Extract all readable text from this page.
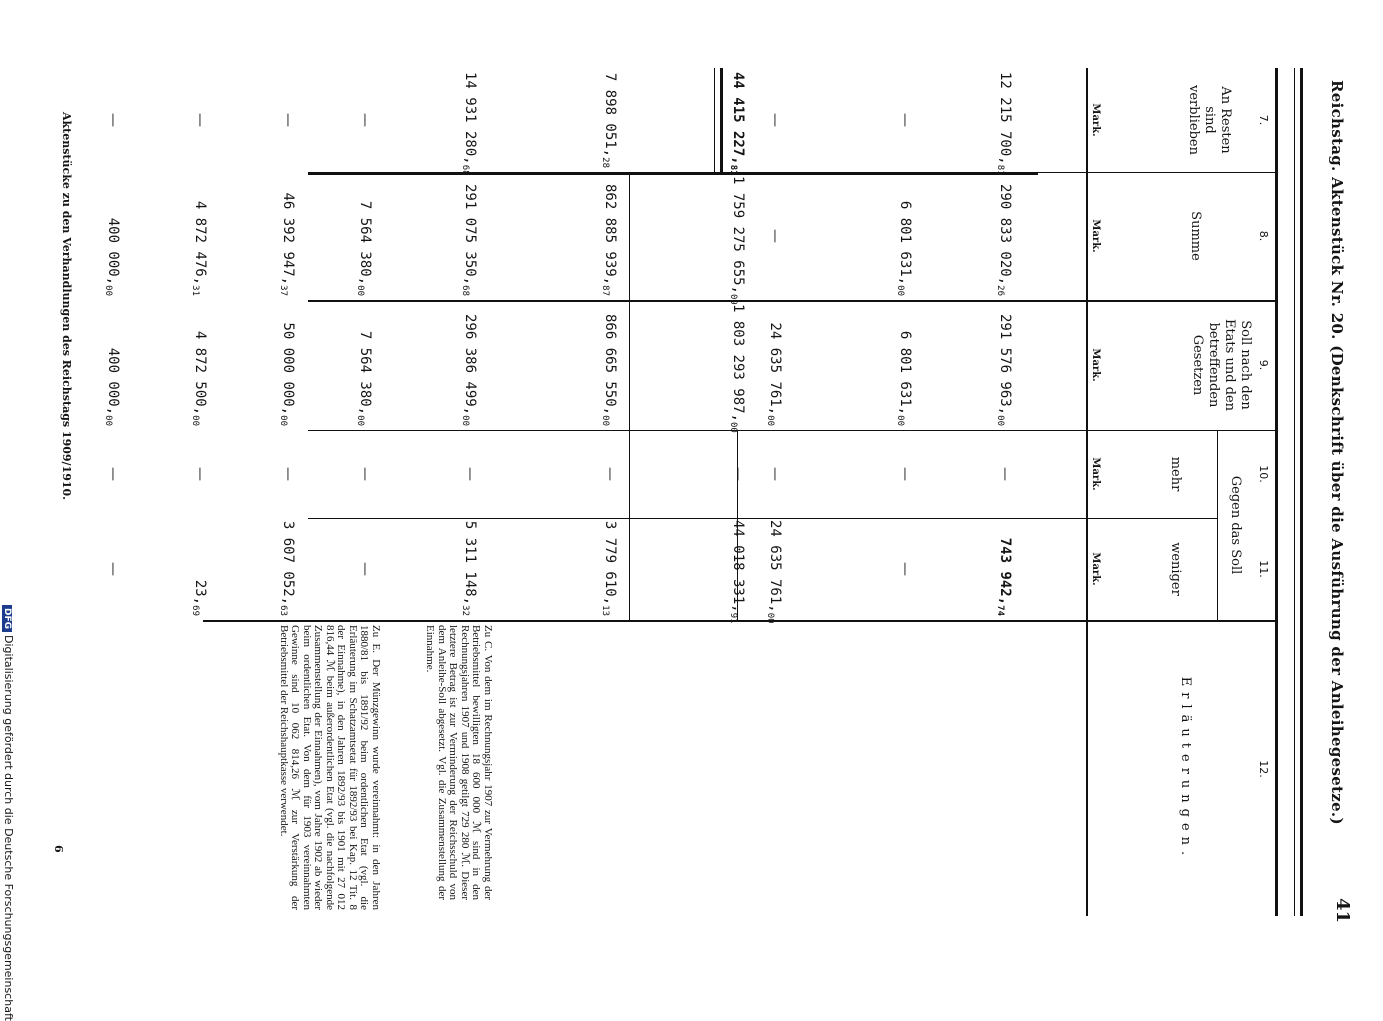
Reichstag. Aktenstück Nr. 20. (Denkschrift über die Ausführung der Anleihegesetze.)
41
7.
8.
9.
10.
11.
12.
An Resten sind verblieben
Summe
Soll nach den Etats und den betreffenden Gesetzen
Gegen das Soll
mehr
weniger
Erläuterungen.
Mark.
Mark.
Mark.
Mark.
Mark.
12 215 $700,_{81}$
290 833 $020,_{26}$
291 576 $963,_{00}$
—
743 $942,_{74}$
—
6 801 $631,_{00}$
6 801 $631,_{00}$
—
—
—
—
24 635 $761,_{00}$
—
24 635 $761,_{00}$
44 415 $227,_{81}$
1 759 275 $655,_{09}$
1 803 293 $987,_{00}$
—
44 018 $331,_{91}$
7 898 $051,_{28}$
862 885 $939,_{87}$
866 665 $550,_{00}$
—
3 779 $610,_{13}$
14 931 $280,_{68}$
291 075 $350,_{68}$
296 386 $499,_{00}$
—
5 311 $148,_{32}$
—
7 564 $380,_{00}$
7 564 $380,_{00}$
—
—
—
46 392 $947,_{37}$
50 000 $000,_{00}$
—
3 607 $052,_{63}$
—
4 872 $476,_{31}$
4 872 $500,_{00}$
—
$23,_{69}$
—
400 $000,_{00}$
400 $000,_{00}$
—
—
Zu C. Von dem im Rechnungsjahr 1907 zur Vermehrung der Betriebsmittel bewilligten 18 600 000 ℳ sind in den Rechnungsjahren 1907 und 1908 getilgt 729 280 ℳ. Dieser letztere Betrag ist zur Verminderung der Reichsschuld von dem Anleihe-Soll abgesetzt. Vgl. die Zusammenstellung der Einnahme.
Zu E. Der Münzgewinn wurde vereinnahmt: in den Jahren 1880/81 bis 1891/92 beim ordentlichen Etat (vgl. die Erläuterung im Schatzamtsetat für 1892/93 bei Kap. 12 Tit. 8 der Einnahme), in den Jahren 1892/93 bis 1901 mit 27 012 816,44 ℳ beim außerordentlichen Etat (vgl. die nachfolgende Zusammenstellung der Einnahmen), vom Jahre 1902 ab wieder beim ordentlichen Etat. Von dem für 1903 vereinnahmten Gewinne sind 10 062 814,26 ℳ zur Verstärkung der Betriebsmittel der Reichshauptkasse verwendet.
Aktenstücke zu den Verhandlungen des Reichstags 1909/1910.
6
DFGDigitalisierung gefördert durch die Deutsche Forschungsgemeinschaft
